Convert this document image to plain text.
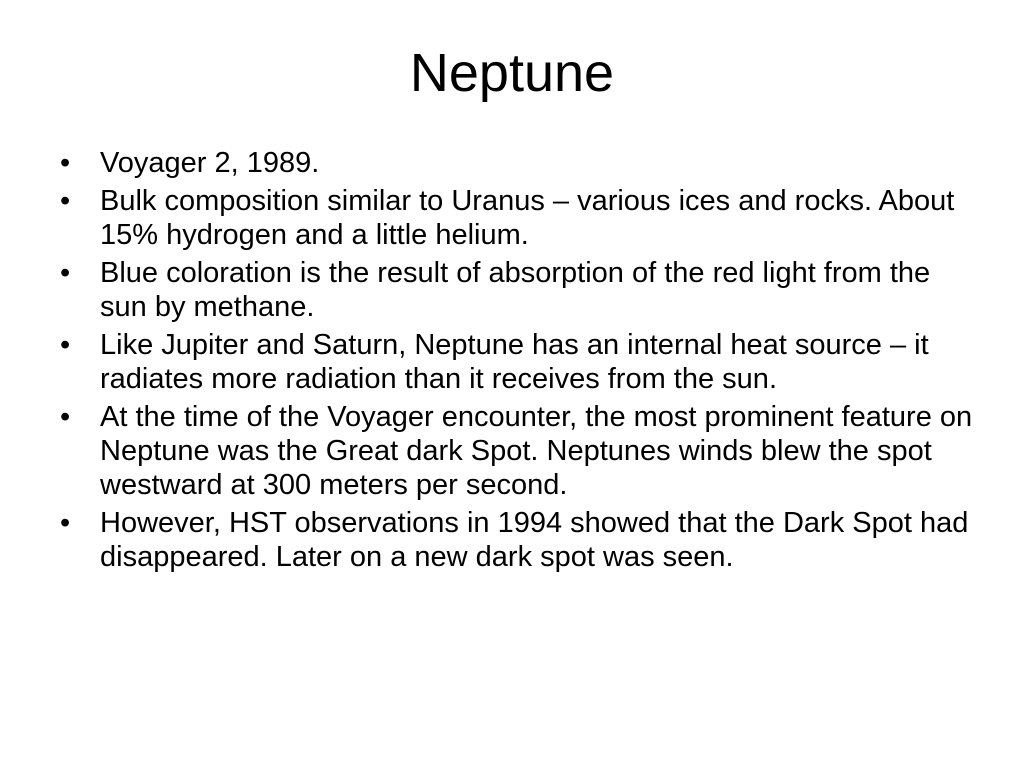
Neptune
•	Voyager 2, 1989.
•	Bulk composition similar to Uranus – various ices and rocks. About 15% hydrogen and a little helium.
•	Blue coloration is the result of absorption of the red light from the sun by methane.
•	Like Jupiter and Saturn, Neptune has an internal heat source – it radiates more radiation than it receives from the sun.
•	At the time of the Voyager encounter, the most prominent feature on Neptune was the Great dark Spot. Neptunes winds blew the spot westward at 300 meters per second.
•	However, HST observations in 1994 showed that the Dark Spot had disappeared. Later on a new dark spot was seen.
